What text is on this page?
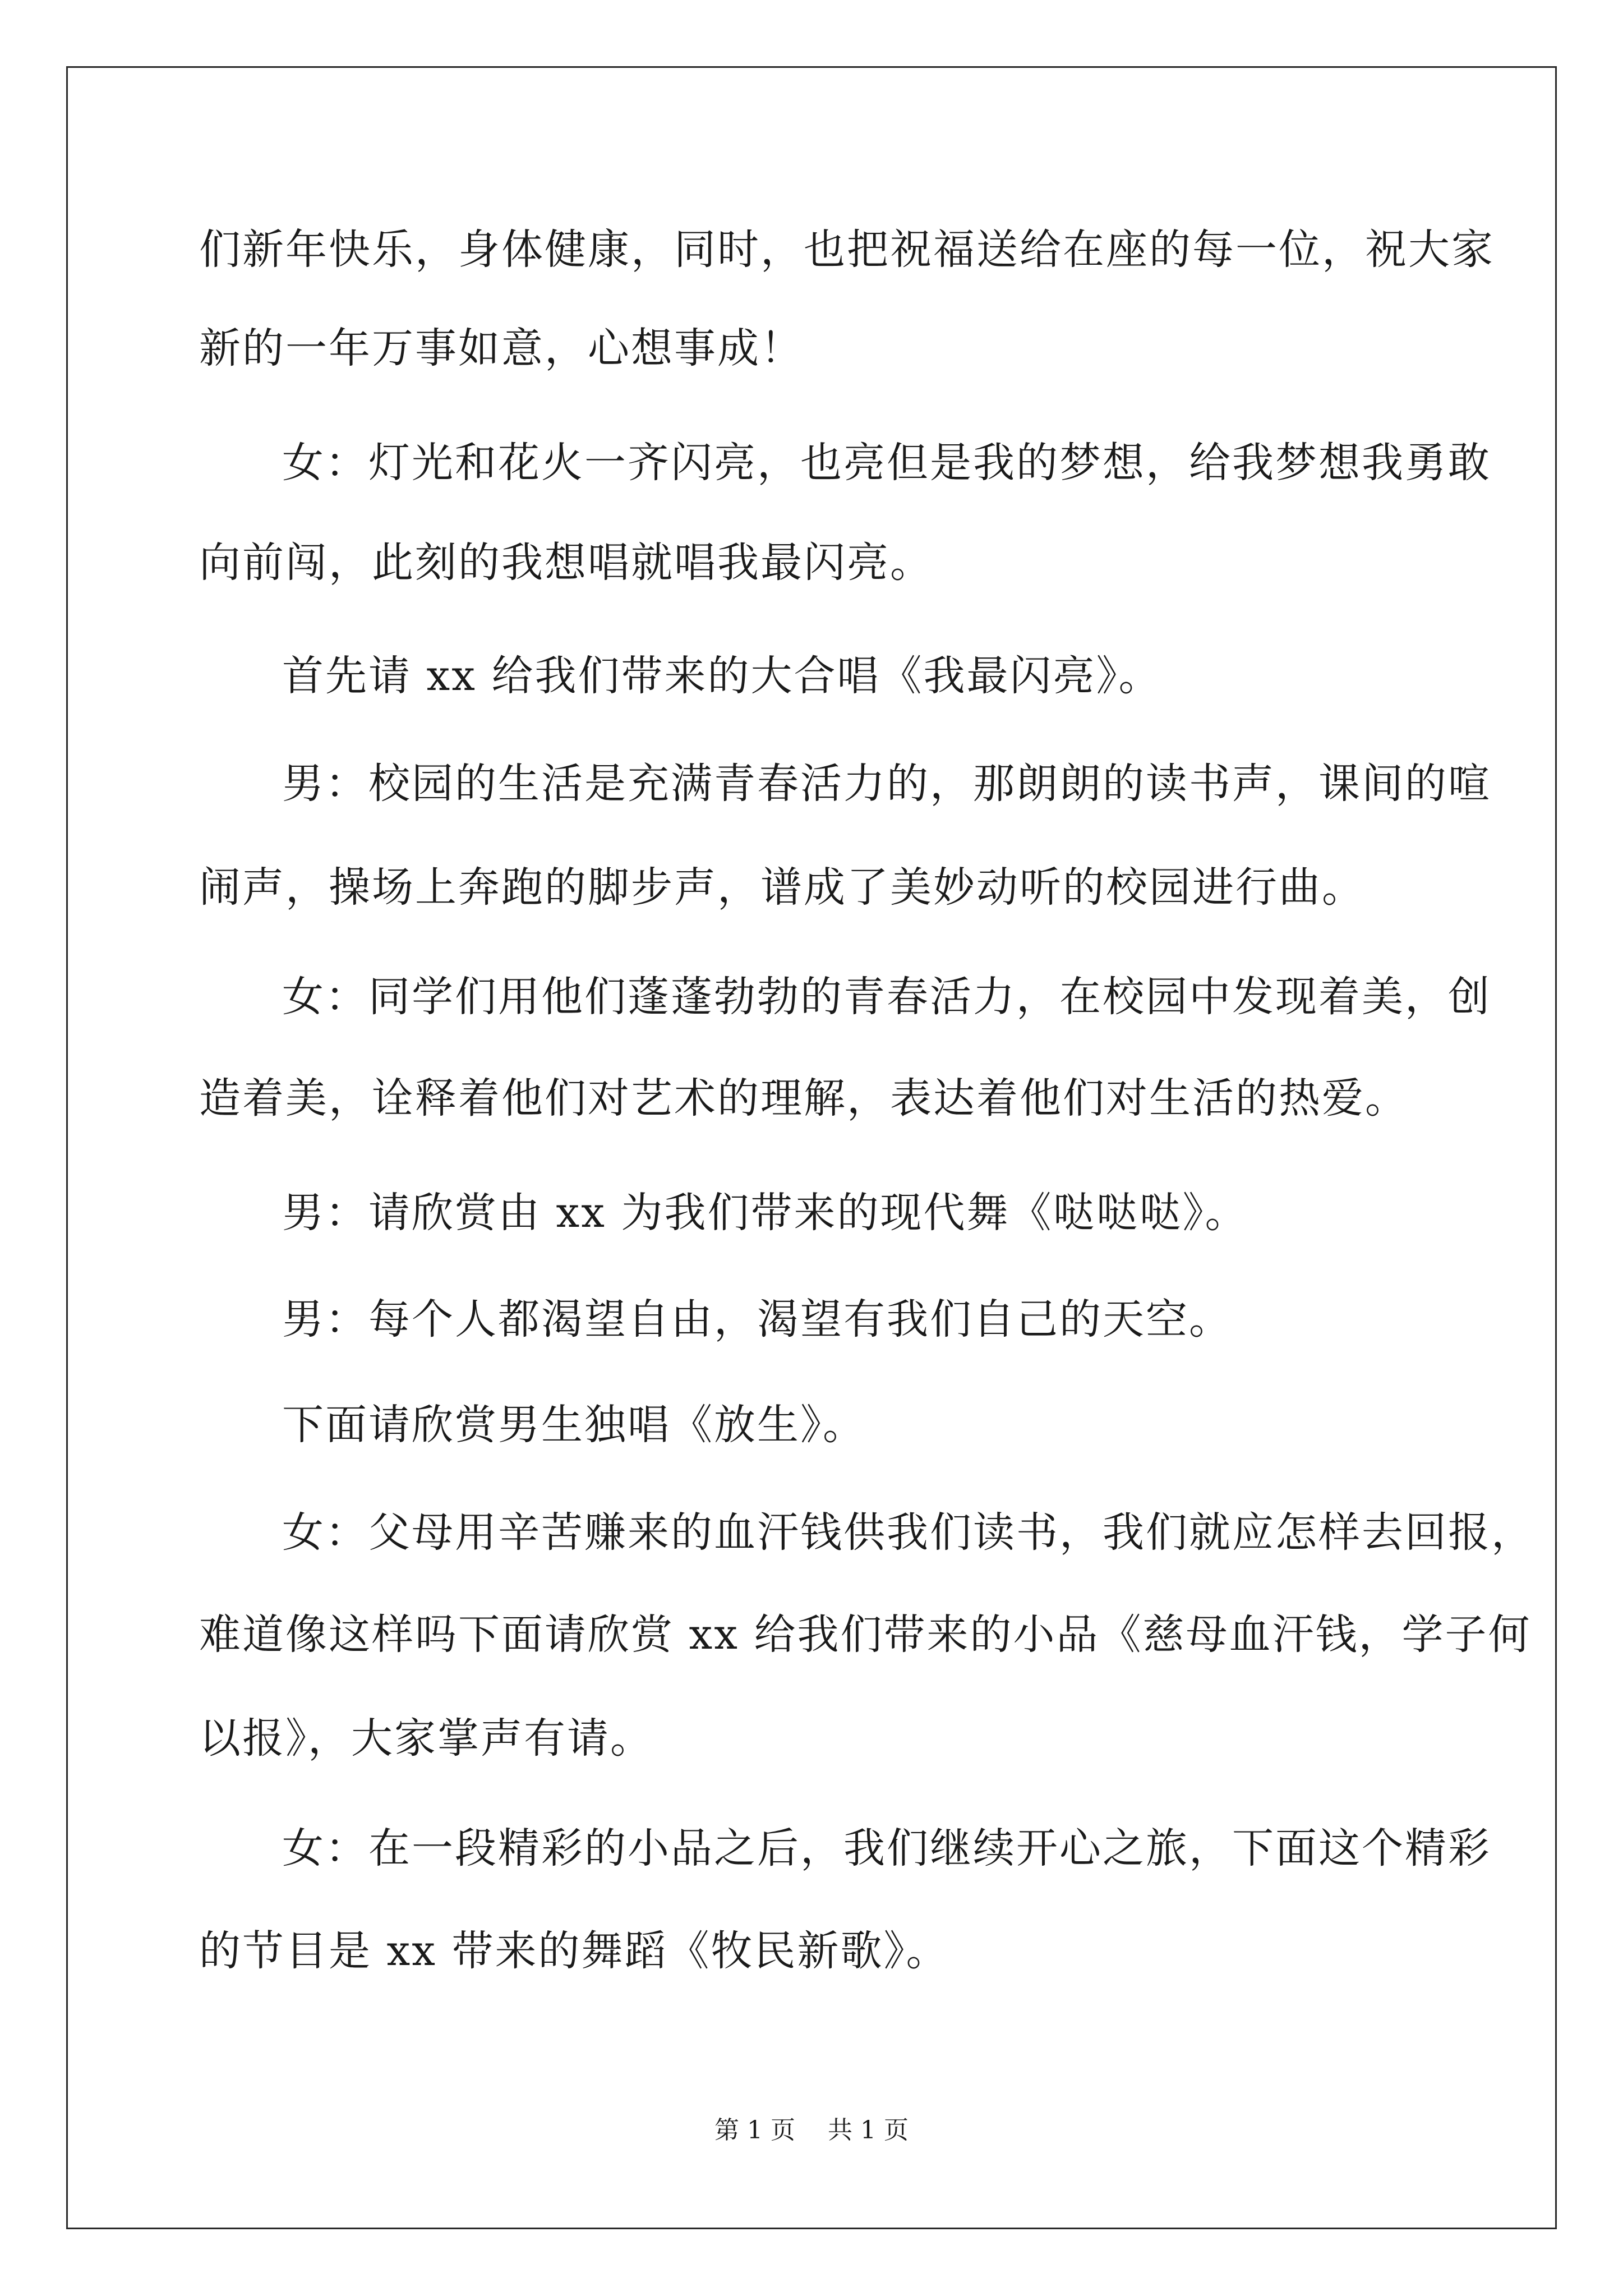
们新年快乐，身体健康，同时，也把祝福送给在座的每一位，祝大家
新的一年万事如意，心想事成！
女：灯光和花火一齐闪亮，也亮但是我的梦想，给我梦想我勇敢
向前闯，此刻的我想唱就唱我最闪亮。
首先请 xx 给我们带来的大合唱《我最闪亮》。
男：校园的生活是充满青春活力的，那朗朗的读书声，课间的喧
闹声，操场上奔跑的脚步声，谱成了美妙动听的校园进行曲。
女：同学们用他们蓬蓬勃勃的青春活力，在校园中发现着美，创
造着美，诠释着他们对艺术的理解，表达着他们对生活的热爱。
男：请欣赏由 xx 为我们带来的现代舞《哒哒哒》。
男：每个人都渴望自由，渴望有我们自己的天空。
下面请欣赏男生独唱《放生》。
女：父母用辛苦赚来的血汗钱供我们读书，我们就应怎样去回报，
难道像这样吗下面请欣赏 xx 给我们带来的小品《慈母血汗钱，学子何
以报》，大家掌声有请。
女：在一段精彩的小品之后，我们继续开心之旅，下面这个精彩
的节目是 xx 带来的舞蹈《牧民新歌》。
第 1 页 共 1 页
